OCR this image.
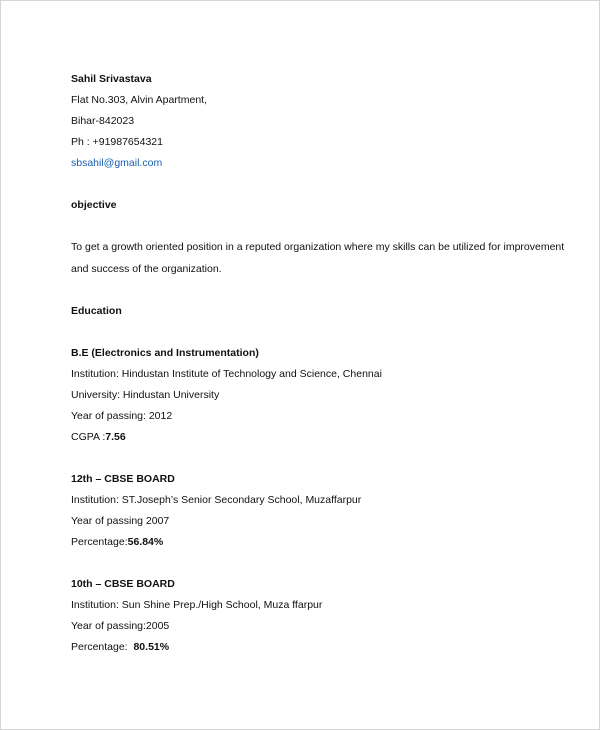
Sahil Srivastava
Flat No.303, Alvin Apartment,
Bihar-842023
Ph : +91987654321
sbsahil@gmail.com
objective
To get a growth oriented position in a reputed organization where my skills can be utilized for improvement
and success of the organization.
Education
B.E (Electronics and Instrumentation)
Institution: Hindustan Institute of Technology and Science, Chennai
University: Hindustan University
Year of passing: 2012
CGPA :7.56
12th – CBSE BOARD
Institution: ST.Joseph’s Senior Secondary School, Muzaffarpur
Year of passing 2007
Percentage:56.84%
10th – CBSE BOARD
Institution: Sun Shine Prep./High School, Muza ffarpur
Year of passing:2005
Percentage:  80.51%
